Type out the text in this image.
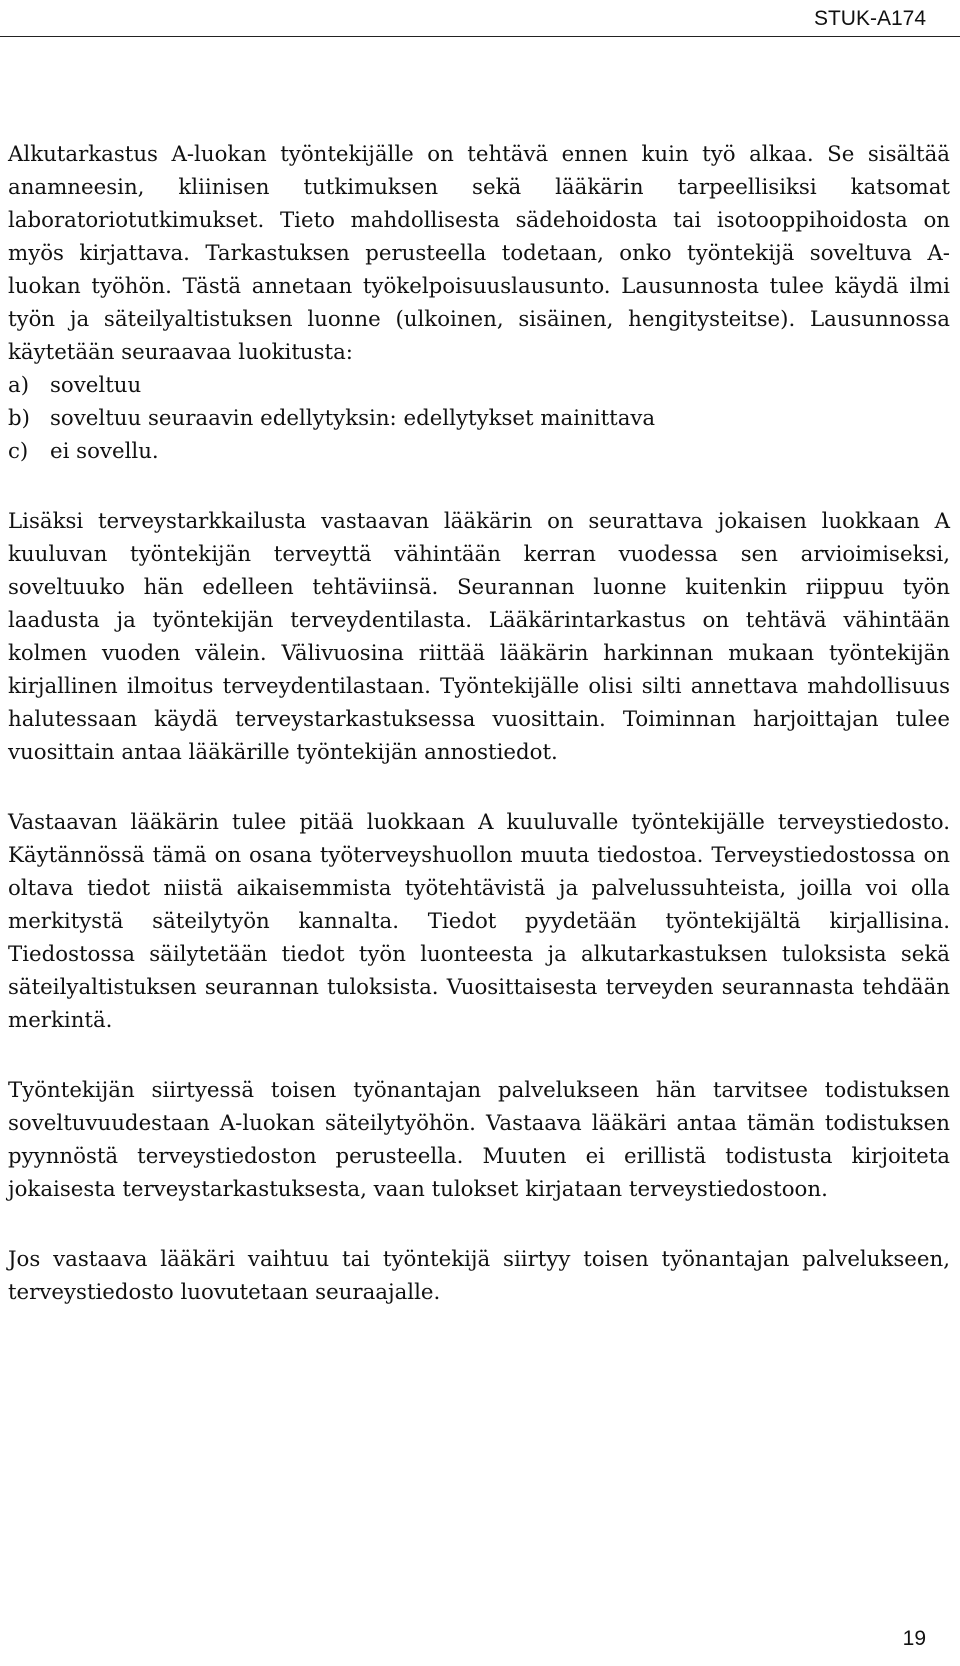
STUK-A174

Alkutarkastus A-luokan työntekijälle on tehtävä ennen kuin työ alkaa. Se sisältää anamneesin, kliinisen tutkimuksen sekä lääkärin tarpeellisiksi katsomat laboratoriotutkimukset. Tieto mahdollisesta sädehoidosta tai isotooppihoidosta on myös kirjattava. Tarkastuksen perusteella todetaan, onko työntekijä soveltuva A-luokan työhön. Tästä annetaan työkelpoisuuslausunto. Lausunnosta tulee käydä ilmi työn ja säteilyaltistuksen luonne (ulkoinen, sisäinen, hengitysteitse). Lausunnossa käytetään seuraavaa luokitusta:

a) soveltuu
b) soveltuu seuraavin edellytyksin: edellytykset mainittava
c)	ei sovellu.

Lisäksi terveystarkkailusta vastaavan lääkärin on seurattava jokaisen luokkaan A kuuluvan työntekijän terveyttä vähintään kerran vuodessa sen arvioimiseksi, soveltuuko hän edelleen tehtäviinsä. Seurannan luonne kuitenkin riippuu työn laadusta ja työntekijän terveydentilasta. Lääkärintarkastus on tehtävä vähintään kolmen vuoden välein. Välivuosina riittää lääkärin harkinnan mukaan työntekijän kirjallinen ilmoitus terveydentilastaan. Työntekijälle olisi silti annettava mahdollisuus halutessaan käydä terveystarkastuksessa vuosittain. Toiminnan harjoittajan tulee vuosittain antaa lääkärille työntekijän annostiedot.

Vastaavan lääkärin tulee pitää luokkaan A kuuluvalle työntekijälle terveystiedosto. Käytännössä tämä on osana työterveyshuollon muuta tiedostoa. Terveystiedostossa on oltava tiedot niistä aikaisemmista työtehtävistä ja palvelussuhteista, joilla voi olla merkitystä säteilytyön kannalta. Tiedot pyydetään työntekijältä kirjallisina. Tiedostossa säilytetään tiedot työn luonteesta ja alkutarkastuksen tuloksista sekä säteilyaltistuksen seurannan tuloksista. Vuosittaisesta terveyden seurannasta tehdään merkintä.

Työntekijän siirtyessä toisen työnantajan palvelukseen hän tarvitsee todistuksen soveltuvuudestaan A-luokan säteilytyöhön. Vastaava lääkäri antaa tämän todistuksen pyynnöstä terveystiedoston perusteella. Muuten ei erillistä todistusta kirjoiteta jokaisesta terveystarkastuksesta, vaan tulokset kirjataan terveystiedostoon.

Jos vastaava lääkäri vaihtuu tai työntekijä siirtyy toisen työnantajan palvelukseen, terveystiedosto luovutetaan seuraajalle.

19
